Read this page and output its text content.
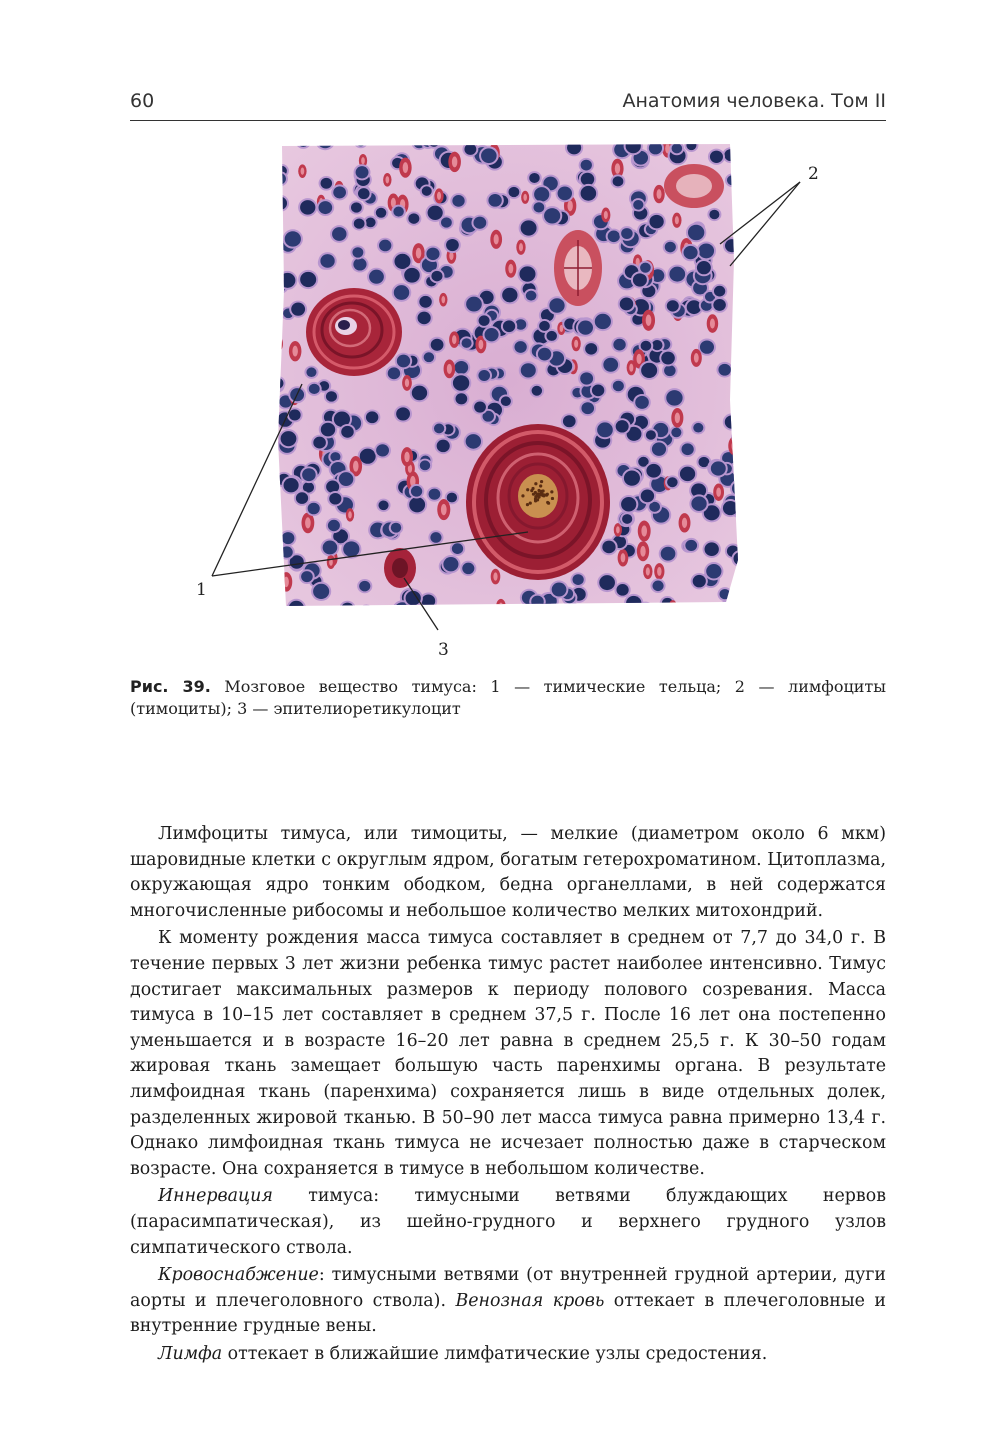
60	Анатомия человека. Том II
1
2
3
Рис. 39. Мозговое вещество тимуса: 1 — тимические тельца; 2 — лимфоциты (тимоциты); 3 — эпителиоретикулоцит

Лимфоциты тимуса, или тимоциты, — мелкие (диаметром около 6 мкм) шаровидные клетки с округлым ядром, богатым гетерохроматином. Цитоплазма, окружающая ядро тонким ободком, бедна органеллами, в ней содержатся многочисленные рибосомы и небольшое количество мелких митохондрий.

К моменту рождения масса тимуса составляет в среднем от 7,7 до 34,0 г. В течение первых 3 лет жизни ребенка тимус растет наиболее интенсивно. Тимус достигает максимальных размеров к периоду полового созревания. Масса тимуса в 10–15 лет составляет в среднем 37,5 г. После 16 лет она постепенно уменьшается и в возрасте 16–20 лет равна в среднем 25,5 г. К 30–50 годам жировая ткань замещает большую часть паренхимы органа. В результате лимфоидная ткань (паренхима) сохраняется лишь в виде отдельных долек, разделенных жировой тканью. В 50–90 лет масса тимуса равна примерно 13,4 г. Однако лимфоидная ткань тимуса не исчезает полностью даже в старческом возрасте. Она сохраняется в тимусе в небольшом количестве.

Иннервация тимуса: тимусными ветвями блуждающих нервов (парасимпатическая), из шейно-грудного и верхнего грудного узлов симпатического ствола.

Кровоснабжение: тимусными ветвями (от внутренней грудной артерии, дуги аорты и плечеголовного ствола). Венозная кровь оттекает в плечеголовные и внутренние грудные вены.

Лимфа оттекает в ближайшие лимфатические узлы средостения.
